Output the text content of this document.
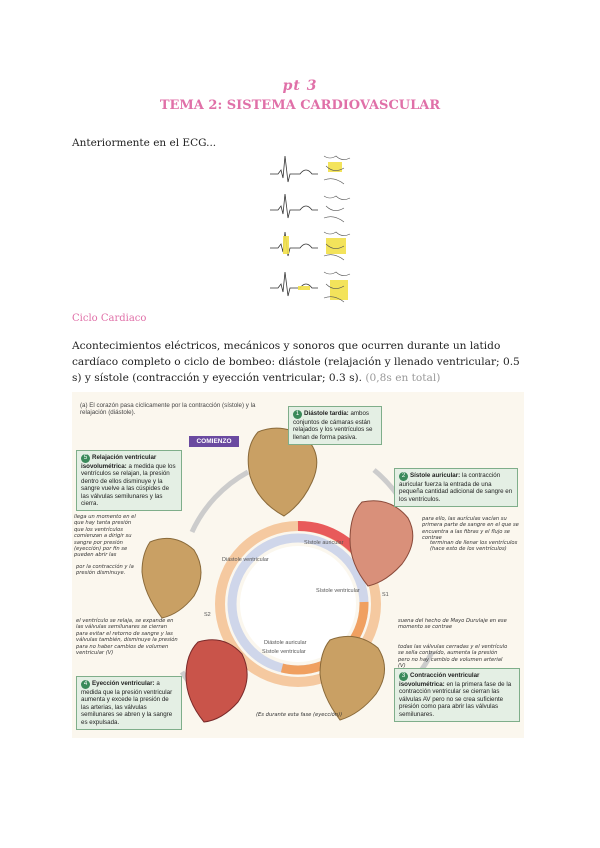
pt 3
TEMA 2: SISTEMA CARDIOVASCULAR
Anteriormente en el ECG...
Ciclo Cardiaco
Acontecimientos eléctricos, mecánicos y sonoros que ocurren durante un latido cardíaco completo o ciclo de bombeo: diástole (relajación y llenado ventricular; 0.5 s) y sístole (contracción y eyección ventricular; 0.3 s). (0,8s en total)
(a) El corazón pasa cíclicamente por la contracción (sístole) y la relajación (diástole).
COMIENZO
Diástole ventricular
Sístole auricular
Sístole ventricular
Diástole auricular
Sístole ventricular
S1
S2
1 Diástole tardía: ambos conjuntos de cámaras están relajados y los ventrículos se llenan de forma pasiva.
2 Sístole auricular: la contracción auricular fuerza la entrada de una pequeña cantidad adicional de sangre en los ventrículos.
3 Contracción ventricular isovolumétrica: en la primera fase de la contracción ventricular se cierran las válvulas AV pero no se crea suficiente presión como para abrir las válvulas semilunares.
4 Eyección ventricular: a medida que la presión ventricular aumenta y excede la presión de las arterias, las válvulas semilunares se abren y la sangre es expulsada.
5 Relajación ventricular isovolumétrica: a medida que los ventrículos se relajan, la presión dentro de ellos disminuye y la sangre vuelve a las cúspides de las válvulas semilunares y las cierra.
llega un momento en el que hay tanta presión que los ventrículos comienzan a dirigir su sangre por presión (eyección) por fin se pueden abrir las
por la contracción y la presión disminuye.
el ventrículo se relaja, se expande en las válvulas semilunares se cierran para evitar el retorno de sangre y las válvulas también, disminuye la presión para no haber cambios de volumen ventricular (V)
para ello, las aurículas vacían su primera parte de sangre en el que se encuentra a las fibras y el flujo se contrae
terminan de llenar los ventrículos (hace esto de los ventrículos)
suena del hecho de Mayo Durulaje en ese momento se contrae
todas las válvulas cerradas y el ventrículo se sella contraído, aumenta la presión pero no hay cambio de volumen arterial (V)
(Es durante esta fase (eyección))
